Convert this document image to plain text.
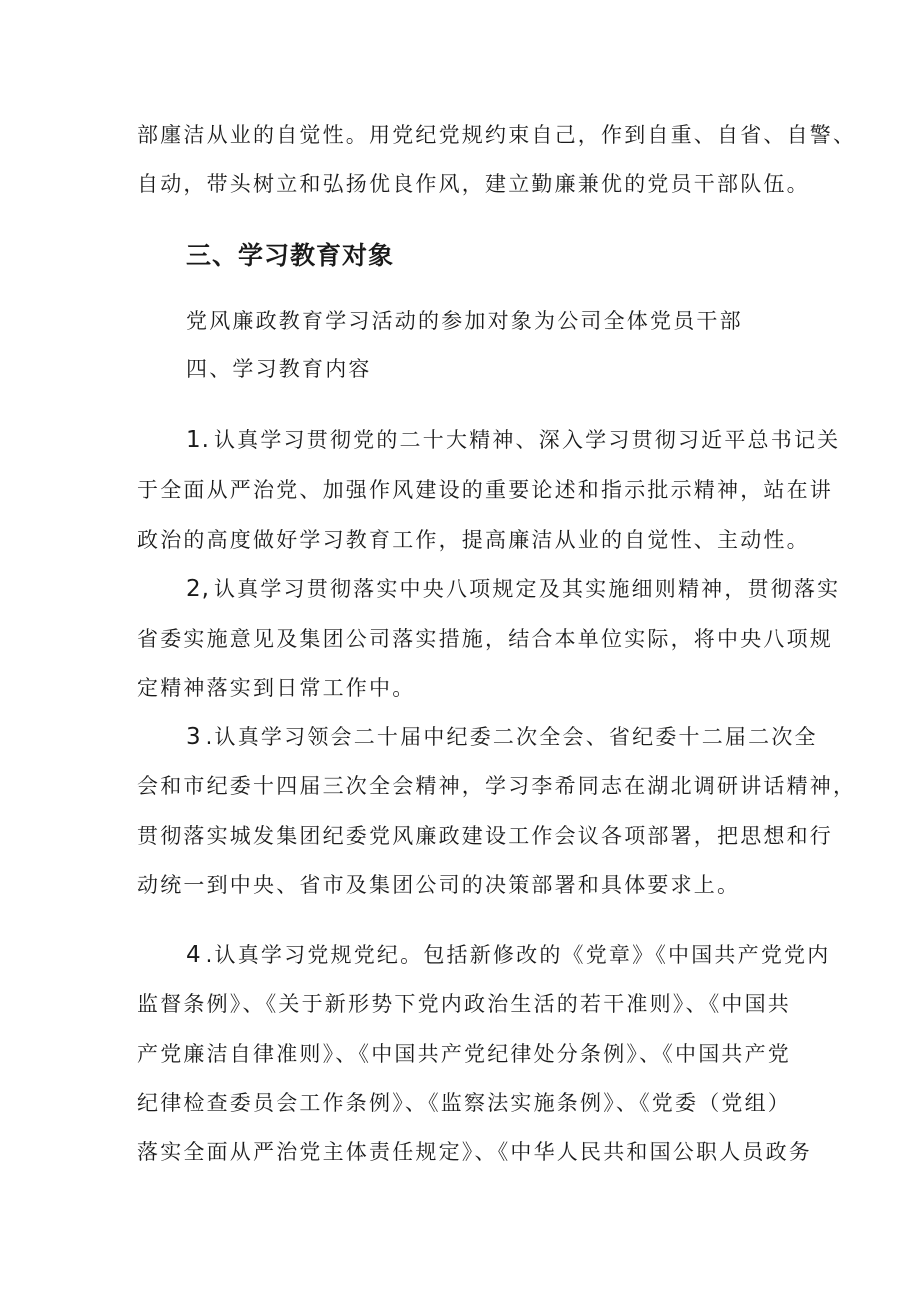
部廛洁从业的自觉性。用党纪党规约束自己，作到自重、自省、自警、
自动，带头树立和弘扬优良作风，建立勤廉兼优的党员干部队伍。
三、学习教育对象
党风廉政教育学习活动的参加对象为公司全体党员干部
四、学习教育内容
1. 认真学习贯彻党的二十大精神、深入学习贯彻习近平总书记关
于全面从严治党、加强作风建设的重要论述和指示批示精神，站在讲
政治的高度做好学习教育工作，提高廉洁从业的自觉性、主动性。
2, 认真学习贯彻落实中央八项规定及其实施细则精神，贯彻落实
省委实施意见及集团公司落实措施，结合本单位实际，将中央八项规
定精神落实到日常工作中。
3 .认真学习领会二十届中纪委二次全会、省纪委十二届二次全
会和市纪委十四届三次全会精神，学习李希同志在湖北调研讲话精神，
贯彻落实城发集团纪委党风廉政建设工作会议各项部署，把思想和行
动统一到中央、省市及集团公司的决策部署和具体要求上。
4 .认真学习党规党纪。包括新修改的《党章》《中国共产党党内
监督条例》、《关于新形势下党内政治生活的若干准则》、《中国共
产党廉洁自律准则》、《中国共产党纪律处分条例》、《中国共产党
纪律检查委员会工作条例》、《监察法实施条例》、《党委（党组）
落实全面从严治党主体责任规定》、《中华人民共和国公职人员政务
